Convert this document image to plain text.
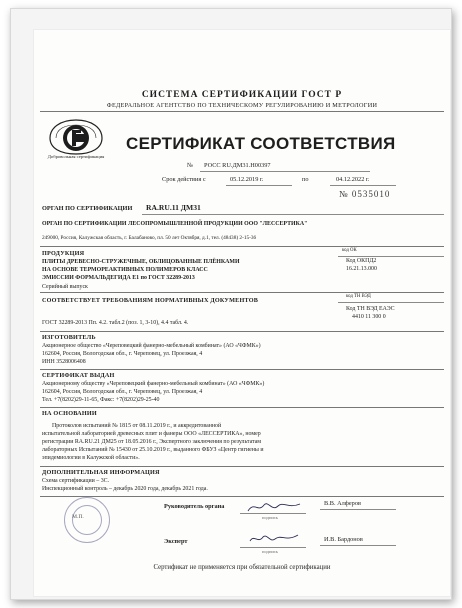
СИСТЕМА СЕРТИФИКАЦИИ ГОСТ Р
ФЕДЕРАЛЬНОЕ АГЕНТСТВО ПО ТЕХНИЧЕСКОМУ РЕГУЛИРОВАНИЮ И МЕТРОЛОГИИ
Добровольная сертификация
СЕРТИФИКАТ СООТВЕТСТВИЯ
№ РОСС RU.ДМ31.Н00397
Срок действия с	05.12.2019 г.	по	04.12.2022 г.
№ 0535010
ОРГАН ПО СЕРТИФИКАЦИИ RA.RU.11 ДМ31
ОРГАН ПО СЕРТИФИКАЦИИ ЛЕСОПРОМЫШЛЕННОЙ ПРОДУКЦИИ ООО "ЛЕССЕРТИКА"
249000, Россия, Калужская область, г. Балабаново, пл. 50 лет Октября, д.1, тел. (48438) 2-15-36
ПРОДУКЦИЯ
ПЛИТЫ ДРЕВЕСНО-СТРУЖЕЧНЫЕ, ОБЛИЦОВАННЫЕ ПЛЁНКАМИ
НА ОСНОВЕ ТЕРМОРЕАКТИВНЫХ ПОЛИМЕРОВ КЛАСС
ЭМИССИИ ФОРМАЛЬДЕГИДА Е1 по ГОСТ 32289-2013
Серийный выпуск
код ОК
Код ОКПД2
16.21.13.000
СООТВЕТСТВУЕТ ТРЕБОВАНИЯМ НОРМАТИВНЫХ ДОКУМЕНТОВ
код ТН ВЭД
Код ТН ВЭД ЕАЭС
4410 11 300 0
ГОСТ 32289-2013 Пп. 4.2. табл.2 (поз. 1, 3-10), 4.4 табл. 4.
ИЗГОТОВИТЕЛЬ
Акционерное общество «Череповецкий фанерно-мебельный комбинат» (АО «ЧФМК»)
162604, Россия, Вологодская обл., г. Череповец, ул. Проезжая, 4
ИНН 3528006408
СЕРТИФИКАТ ВЫДАН
Акционерному обществу «Череповецкий фанерно-мебельный комбинат» (АО «ЧФМК»)
162604, Россия, Вологодская обл., г. Череповец, ул. Проезжая, 4
Тел. +7(8202)29-11-65, Факс: +7(8202)29-25-40
НА ОСНОВАНИИ
Протоколов испытаний № 1815 от 08.11.2019 г., и аккредитованной
испытательной лабораторией древесных плит и фанеры ООО «ЛЕССЕРТИКА», номер
регистрации RA.RU.21 ДМ25 от 18.05.2016 г., Экспертного заключения по результатам
лабораторных Испытаний № 15430 от 25.10.2019 г., выданного ФБУЗ «Центр гигиены и
эпидемиологии в Калужской области».
ДОПОЛНИТЕЛЬНАЯ ИНФОРМАЦИЯ
Схема сертификации – 3С.
Инспекционный контроль – декабрь 2020 года, декабрь 2021 года.
М.П.
Руководитель органа
подпись
В.В. Алферов
Эксперт
подпись
И.В. Бардонов
Сертификат не применяется при обязательной сертификации
